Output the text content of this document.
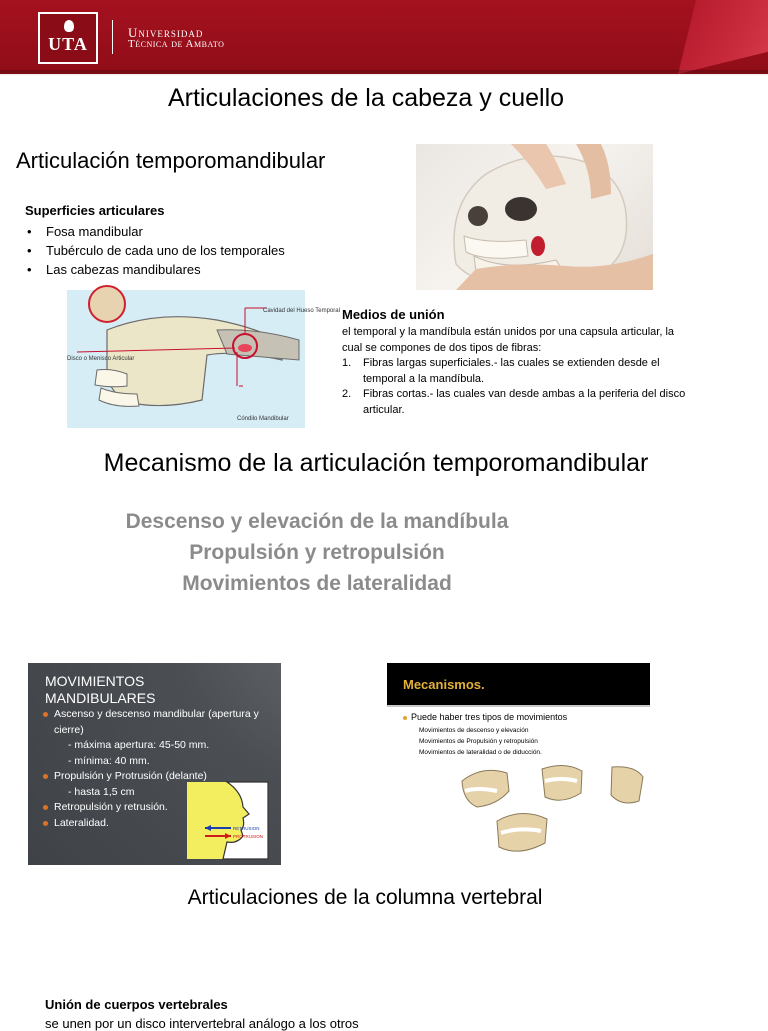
UTA
Universidad
Técnica de Ambato
Articulaciones de la cabeza y cuello
Articulación temporomandibular
Superficies articulares
• Fosa mandibular
• Tubérculo de cada uno de los temporales
• Las cabezas mandibulares
Cavidad del Hueso Temporal
Disco o Menisco Articular
Cóndilo Mandibular
Medios de unión
el temporal y la mandíbula están unidos por una capsula articular, la cual se compones de dos tipos de fibras:
1. Fibras largas superficiales.- las cuales se extienden desde el temporal a la mandíbula.
2. Fibras cortas.- las cuales van desde ambas a la periferia del disco articular.
Mecanismo de la articulación temporomandibular
Descenso y elevación de la mandíbula
Propulsión y retropulsión
Movimientos de lateralidad
MOVIMIENTOS
MANDIBULARES
Ascenso y descenso mandibular (apertura y cierre)
- máxima apertura: 45-50 mm.
- mínima: 40 mm.
Propulsión y Protrusión (delante)
- hasta 1,5 cm
Retropulsión y retrusión.
Lateralidad.	RETRUSION
PROTRUSION
Mecanismos.
Puede haber tres tipos de movimientos
Movimientos de descenso y elevación
Movimientos de Propulsión y retropulsión
Movimientos de lateralidad o de diducción.
Articulaciones de la columna vertebral
Unión de cuerpos vertebrales
se unen por un disco intervertebral análogo a los otros
